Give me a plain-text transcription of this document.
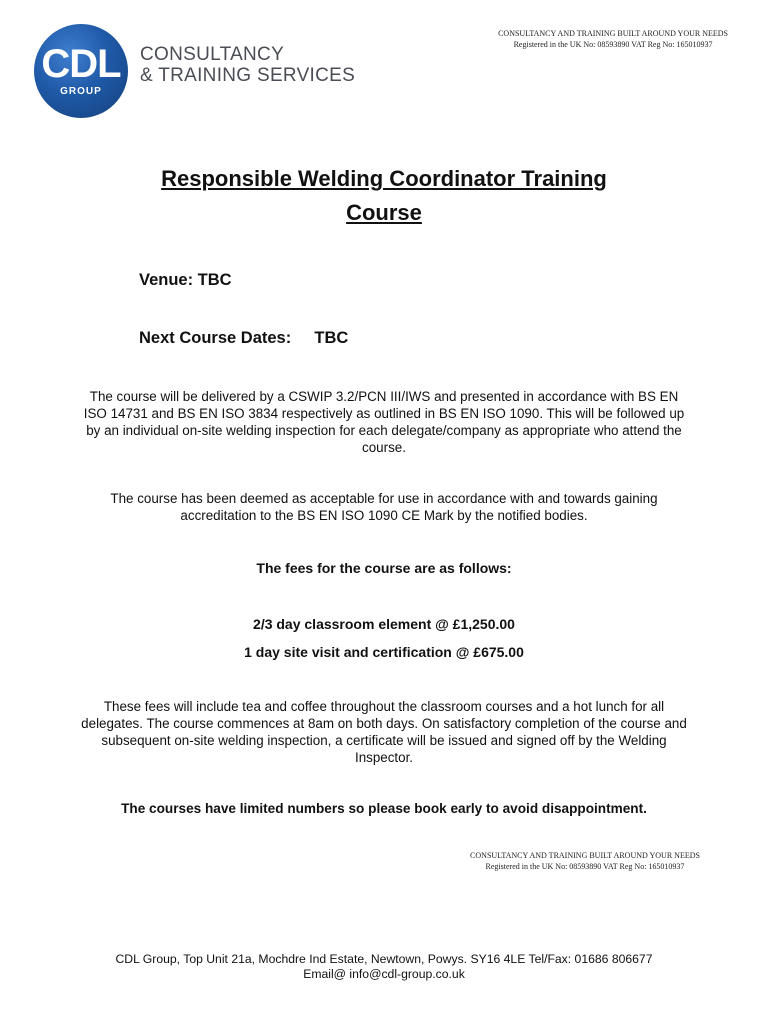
CDL
GROUP
CONSULTANCY
& TRAINING SERVICES
CONSULTANCY AND TRAINING BUILT AROUND YOUR NEEDS
Registered in the UK No: 08593890 VAT Reg No: 165010937
Responsible Welding Coordinator Training
Course
Venue: TBC
Next Course Dates: TBC
The course will be delivered by a CSWIP 3.2/PCN III/IWS and presented in accordance with BS EN ISO 14731 and BS EN ISO 3834 respectively as outlined in BS EN ISO 1090. This will be followed up by an individual on-site welding inspection for each delegate/company as appropriate who attend the course.
The course has been deemed as acceptable for use in accordance with and towards gaining accreditation to the BS EN ISO 1090 CE Mark by the notified bodies.
The fees for the course are as follows:
2/3 day classroom element @ £1,250.00
1 day site visit and certification @ £675.00
These fees will include tea and coffee throughout the classroom courses and a hot lunch for all delegates. The course commences at 8am on both days. On satisfactory completion of the course and subsequent on-site welding inspection, a certificate will be issued and signed off by the Welding Inspector.
The courses have limited numbers so please book early to avoid disappointment.
CONSULTANCY AND TRAINING BUILT AROUND YOUR NEEDS
Registered in the UK No: 08593890 VAT Reg No: 165010937
CDL Group, Top Unit 21a, Mochdre Ind Estate, Newtown, Powys. SY16 4LE Tel/Fax: 01686 806677
Email@ info@cdl-group.co.uk
